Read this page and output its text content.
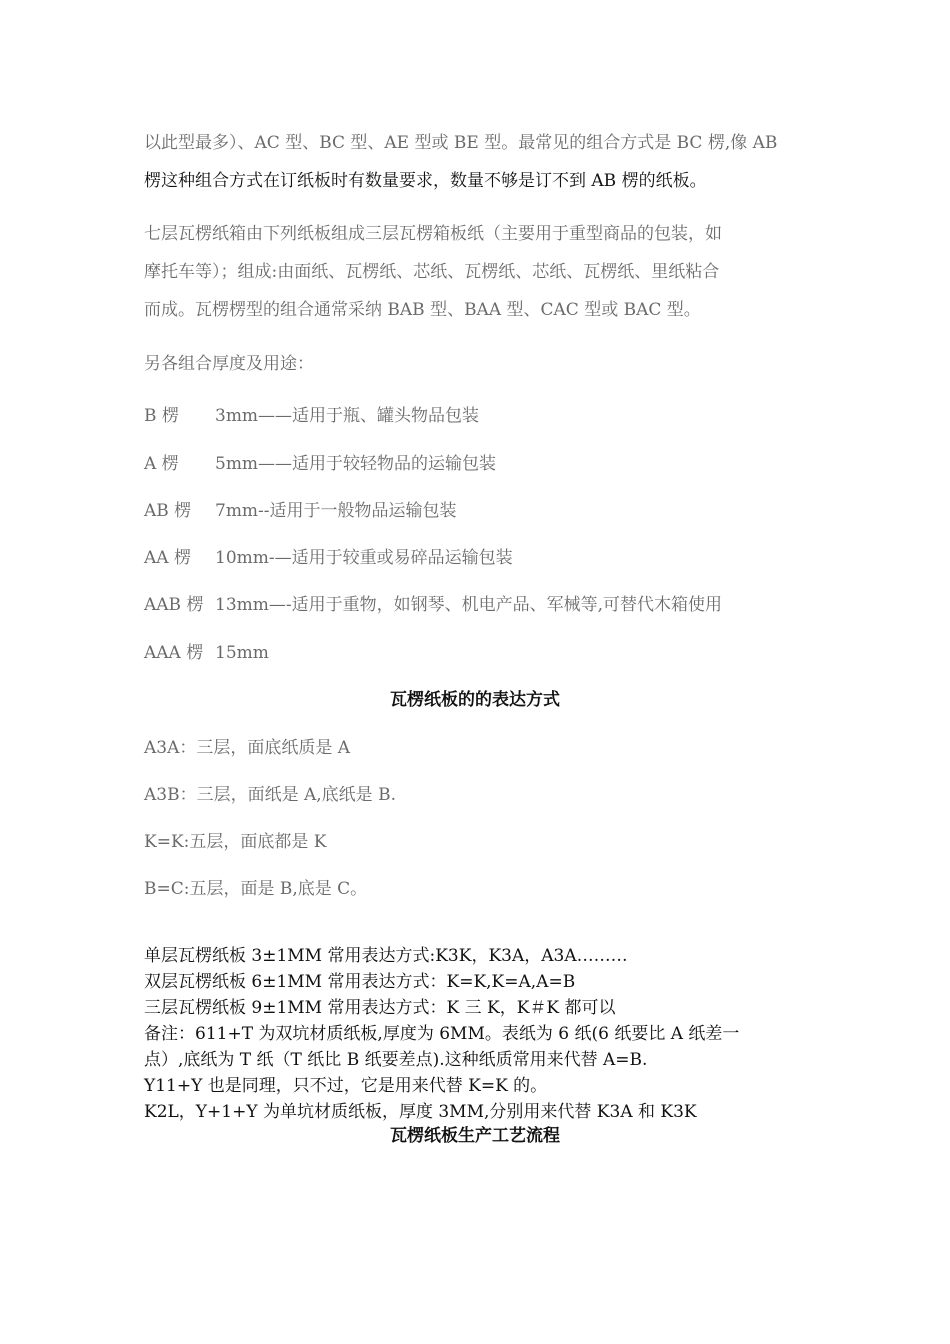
以此型最多）、AC 型、BC 型、AE 型或 BE 型。最常见的组合方式是 BC 楞,像 AB
楞这种组合方式在订纸板时有数量要求，数量不够是订不到 AB 楞的纸板。
七层瓦楞纸箱由下列纸板组成三层瓦楞箱板纸（主要用于重型商品的包装，如
摩托车等）；组成:由面纸、瓦楞纸、芯纸、瓦楞纸、芯纸、瓦楞纸、里纸粘合
而成。瓦楞楞型的组合通常采纳 BAB 型、BAA 型、CAC 型或 BAC 型。
另各组合厚度及用途：
B 楞 3mm——适用于瓶、罐头物品包装
A 楞 5mm——适用于较轻物品的运输包装
AB 楞 7mm--适用于一般物品运输包装
AA 楞 10mm-—适用于较重或易碎品运输包装
AAB 楞 13mm—-适用于重物，如钢琴、机电产品、军械等,可替代木箱使用
AAA 楞 15mm
瓦楞纸板的的表达方式
A3A：三层，面底纸质是 A
A3B：三层，面纸是 A,底纸是 B.
K=K:五层，面底都是 K
B=C:五层，面是 B,底是 C。
单层瓦楞纸板 3±1MM 常用表达方式:K3K，K3A，A3A………
双层瓦楞纸板 6±1MM 常用表达方式：K=K,K=A,A=B
三层瓦楞纸板 9±1MM 常用表达方式：K 三 K，K＃K 都可以
备注：611+T 为双坑材质纸板,厚度为 6MM。表纸为 6 纸(6 纸要比 A 纸差一
点）,底纸为 T 纸（T 纸比 B 纸要差点).这种纸质常用来代替 A=B.
Y11+Y 也是同理，只不过，它是用来代替 K=K 的。
K2L，Y+1+Y 为单坑材质纸板，厚度 3MM,分别用来代替 K3A 和 K3K
瓦楞纸板生产工艺流程
